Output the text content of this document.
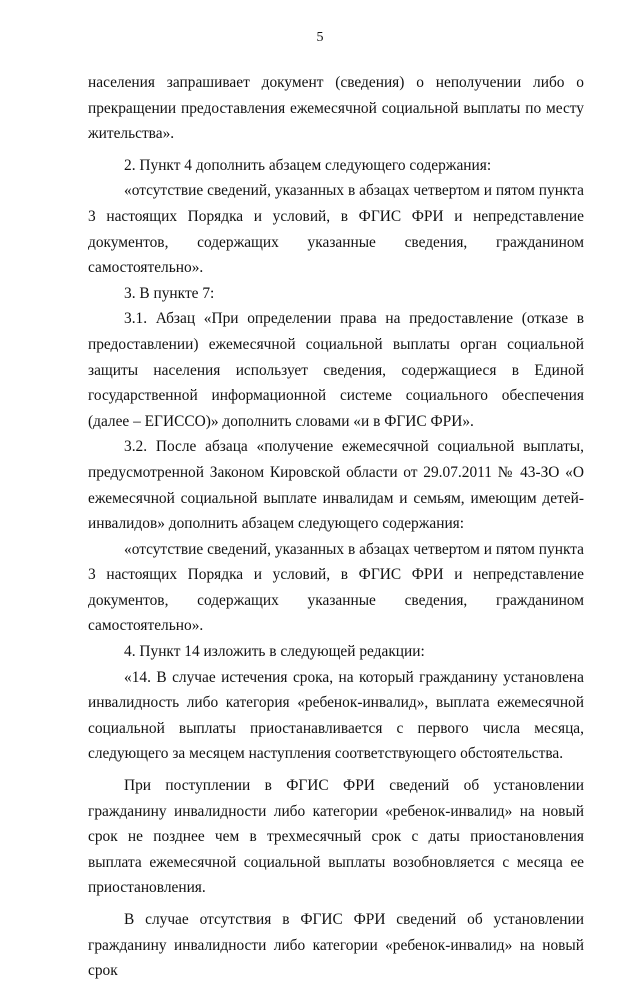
5

населения запрашивает документ (сведения) о неполучении либо о прекращении предоставления ежемесячной социальной выплаты по месту жительства».

2. Пункт 4 дополнить абзацем следующего содержания:

«отсутствие сведений, указанных в абзацах четвертом и пятом пункта 3 настоящих Порядка и условий, в ФГИС ФРИ и непредставление документов, содержащих указанные сведения, гражданином самостоятельно».

3. В пункте 7:

3.1. Абзац «При определении права на предоставление (отказе в предоставлении) ежемесячной социальной выплаты орган социальной защиты населения использует сведения, содержащиеся в Единой государственной информационной системе социального обеспечения (далее – ЕГИССО)» дополнить словами «и в ФГИС ФРИ».

3.2. После абзаца «получение ежемесячной социальной выплаты, предусмотренной Законом Кировской области от 29.07.2011 № 43-ЗО «О ежемесячной социальной выплате инвалидам и семьям, имеющим детей-инвалидов» дополнить абзацем следующего содержания:

«отсутствие сведений, указанных в абзацах четвертом и пятом пункта 3 настоящих Порядка и условий, в ФГИС ФРИ и непредставление документов, содержащих указанные сведения, гражданином самостоятельно».

4. Пункт 14 изложить в следующей редакции:

«14. В случае истечения срока, на который гражданину установлена инвалидность либо категория «ребенок-инвалид», выплата ежемесячной социальной выплаты приостанавливается с первого числа месяца, следующего за месяцем наступления соответствующего обстоятельства.

При поступлении в ФГИС ФРИ сведений об установлении гражданину инвалидности либо категории «ребенок-инвалид» на новый срок не позднее чем в трехмесячный срок с даты приостановления выплата ежемесячной социальной выплаты возобновляется с месяца ее приостановления.

В случае отсутствия в ФГИС ФРИ сведений об установлении гражданину инвалидности либо категории «ребенок-инвалид» на новый срок
